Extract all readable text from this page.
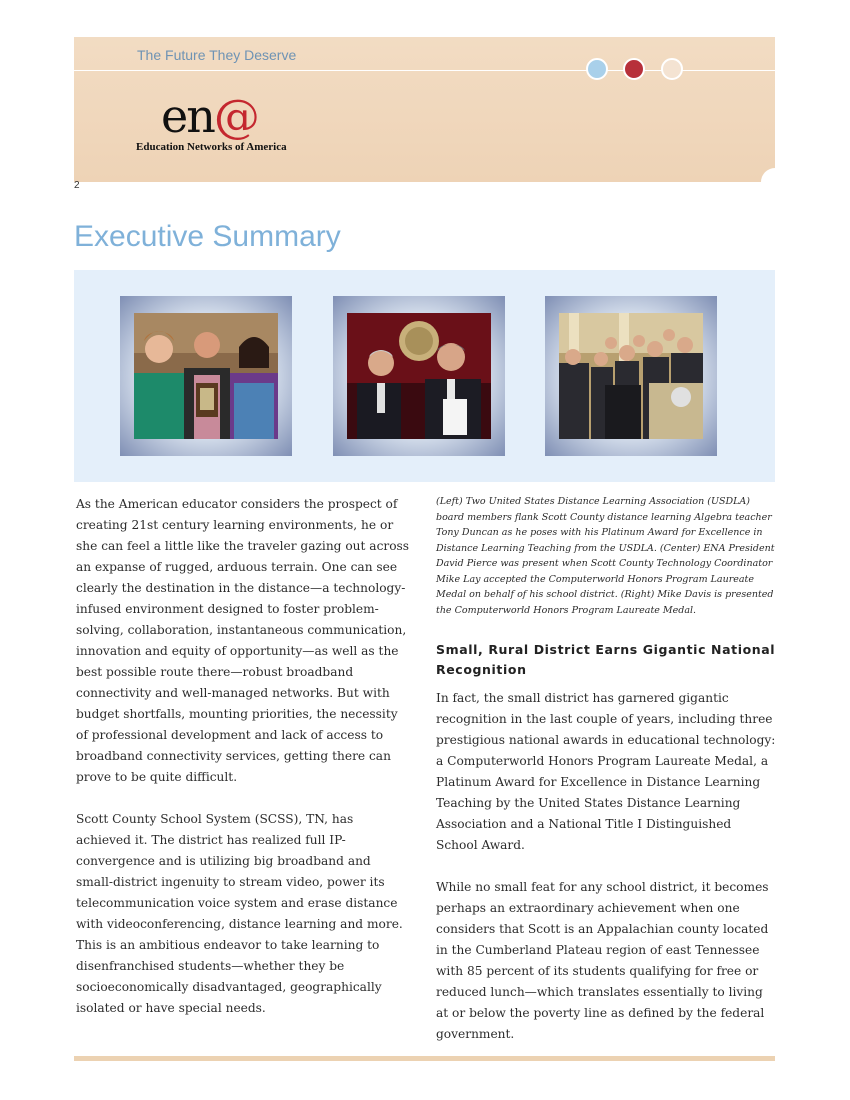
The Future They Deserve
en@
Education Networks of America
2
Executive Summary

As the American educator considers the prospect of creating 21st century learning environments, he or she can feel a little like the traveler gazing out across an expanse of rugged, arduous terrain. One can see clearly the destination in the distance—a technology-infused environment designed to foster problem-solving, collaboration, instantaneous communication, innovation and equity of opportunity—as well as the best possible route there—robust broadband connectivity and well-managed networks. But with budget shortfalls, mounting priorities, the necessity of professional development and lack of access to broadband connectivity services, getting there can prove to be quite difficult.

Scott County School System (SCSS), TN, has achieved it. The district has realized full IP-convergence and is utilizing big broadband and small-district ingenuity to stream video, power its telecommunication voice system and erase distance with videoconferencing, distance learning and more. This is an ambitious endeavor to take learning to disenfranchised students—whether they be socioeconomically disadvantaged, geographically isolated or have special needs.

(Left) Two United States Distance Learning Association (USDLA) board members flank Scott County distance learning Algebra teacher Tony Duncan as he poses with his Platinum Award for Excellence in Distance Learning Teaching from the USDLA. (Center) ENA President David Pierce was present when Scott County Technology Coordinator Mike Lay accepted the Computerworld Honors Program Laureate Medal on behalf of his school district. (Right) Mike Davis is presented the Computerworld Honors Program Laureate Medal.

Small, Rural District Earns Gigantic National Recognition

In fact, the small district has garnered gigantic recognition in the last couple of years, including three prestigious national awards in educational technology: a Computerworld Honors Program Laureate Medal, a Platinum Award for Excellence in Distance Learning Teaching by the United States Distance Learning Association and a National Title I Distinguished School Award.

While no small feat for any school district, it becomes perhaps an extraordinary achievement when one considers that Scott is an Appalachian county located in the Cumberland Plateau region of east Tennessee with 85 percent of its students qualifying for free or reduced lunch—which translates essentially to living at or below the poverty line as defined by the federal government.
